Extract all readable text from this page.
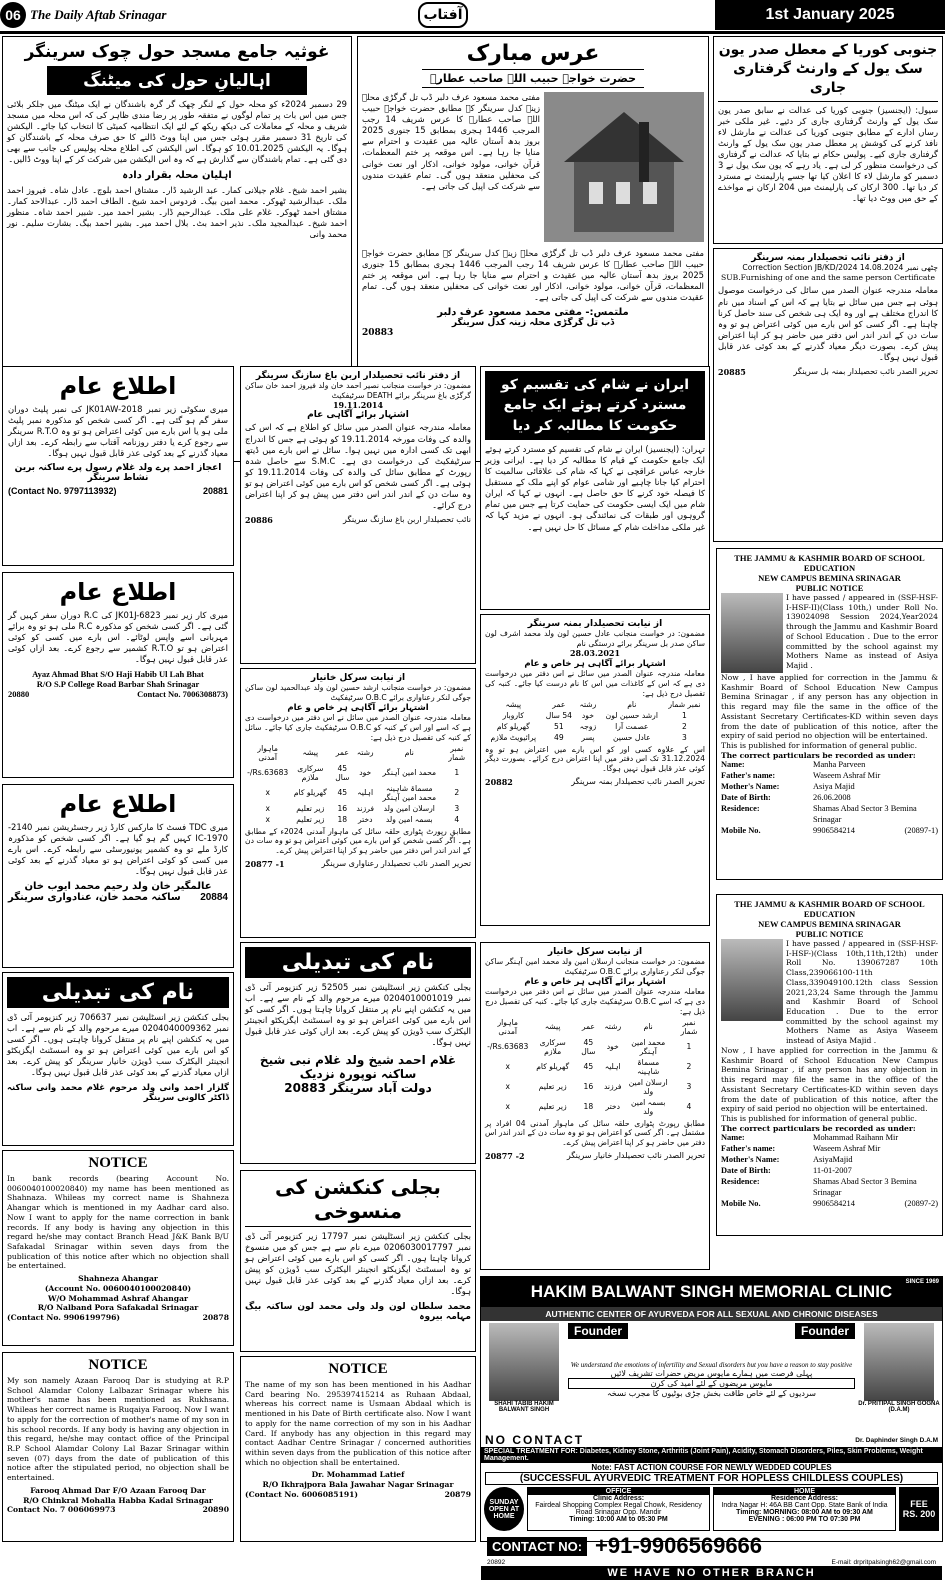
06 The Daily Aftab Srinagar	آفتاب	1st January 2025
غوثیہ جامع مسجد حول چوک سرینگر
اہالیانِ حول کی میٹنگ
29 دسمبر 2024ء کو محلہ حول کے لنگر چھک گر گرہ باشندگان نے ایک میٹنگ میں جلکر بلائی جس میں اس بات پر تمام لوگوں نے متفقہ طور پر رضا مندی ظاہر کی کہ اس محلہ میں مسجد شریف و محلہ کے معاملات کی دیکھ ریکھ کے لئے ایک انتظامیہ کمیٹی کا انتخاب کیا جائے۔ الیکشن کی تاریخ 31 دسمبر مقرر ہوئی جس میں اپنا ووٹ ڈالنے کا حق صرف محلہ کے باشندگان کو ہوگا۔ یہ الیکشن 10.01.2025 کو ہوگا۔ اس الیکشن کی اطلاع محلہ پولیس کی جانب سے بھی دی گئی ہے۔ تمام باشندگان سے گذارش ہے کہ وہ اس الیکشن میں شرکت کر کے اپنا ووٹ ڈالیں۔
اہلیان محلہ بقرار دادہ
بشیر احمد شیخ۔ غلام جیلانی کمار۔ عبد الرشید ڈار۔ مشتاق احمد بلوچ۔ عادل شاہ۔ فیروز احمد ملک۔ عبدالرشید ٹھوکر۔ محمد امین بیگ۔ فردوس احمد شیخ۔ الطاف احمد ڈار۔ عبدالاحد کمار۔ مشتاق احمد ٹھوکر۔ غلام علی ملک۔ عبدالرحیم ڈار۔ بشیر احمد میر۔ شبیر احمد شاہ۔ منظور احمد شیخ۔ عبدالمجید ملک۔ نذیر احمد بٹ۔ بلال احمد میر۔ بشیر احمد بیگ۔ بشارت سلیم۔ نور محمد وانی
عرس مبارک
حضرت خواجہ حبیب اللہ صاحب عطارؒ
مفتی محمد مسعود عرف دلبر ڈب تل گرگڑی محلہ زینہ کدل سرینگر کے مطابق حضرت خواجہ حبیب اللہ صاحب عطارؒ کا عرس شریف 14 رجب المرجب 1446 ہجری بمطابق 15 جنوری 2025 بروز بدھ آستان عالیہ میں عقیدت و احترام سے منایا جا رہا ہے۔ اس موقعہ پر ختم المعظمات، قرآن خوانی، مولود خوانی، اذکار اور نعت خوانی کی محفلیں منعقد ہوں گی۔ تمام عقیدت مندوں سے شرکت کی اپیل کی جاتی ہے۔
مفتی محمد مسعود عرف دلبر ڈب تل گرگڑی محلہ زینہ کدل سرینگر کے مطابق حضرت خواجہ حبیب اللہ صاحب عطارؒ کا عرس شریف 14 رجب المرجب 1446 ہجری بمطابق 15 جنوری 2025 بروز بدھ آستان عالیہ میں عقیدت و احترام سے منایا جا رہا ہے۔ اس موقعہ پر ختم المعظمات، قرآن خوانی، مولود خوانی، اذکار اور نعت خوانی کی محفلیں منعقد ہوں گی۔ تمام عقیدت مندوں سے شرکت کی اپیل کی جاتی ہے۔
ملتمس:- مفتی محمد مسعود عرف دلبر
ڈب تل گرگڑی محلہ زینہ کدل سرینگر
20883
جنوبی کوریا کے معطل صدر یون سک یول کے وارنٹ گرفتاری جاری
سیول: (ایجنسیز) جنوبی کوریا کی عدالت نے سابق صدر یون سک یول کے وارنٹ گرفتاری جاری کر دئیے۔ غیر ملکی خبر رساں ادارے کے مطابق جنوبی کوریا کی عدالت نے مارشل لاء نافذ کرنے کی کوشش پر معطل صدر یون سک یول کے وارنٹ گرفتاری جاری کیے۔ پولیس حکام نے بتایا کہ عدالت نے گرفتاری کی درخواست منظور کر لی ہے۔ یاد رہے کہ یون سک یول نے 3 دسمبر کو مارشل لاء کا اعلان کیا تھا جسے پارلیمنٹ نے مسترد کر دیا تھا۔ 300 ارکان کی پارلیمنٹ میں 204 ارکان نے مواخذے کے حق میں ووٹ دیا تھا۔
از دفتر نائب تحصیلدار بمنہ سرینگر
چٹھی نمبر 14.08.2024 Correction Section JB/KD/2024
SUB.Furnishing of one and the same person Certificate
معاملہ مندرجہ عنوان الصدر میں سائل کی درخواست موصول ہوئی ہے جس میں سائل نے بتایا ہے کہ اس کے اسناد میں نام کا اندراج مختلف ہے اور وہ ایک ہی شخص کی سند حاصل کرنا چاہتا ہے۔ اگر کسی کو اس بارے میں کوئی اعتراض ہو تو وہ سات دن کے اندر اندر اس دفتر میں حاضر ہو کر اپنا اعتراض پیش کرے۔ بصورت دیگر معیاد گذرنے کے بعد کوئی عذر قابل قبول نہیں ہوگا۔
20885	تحریر الصدر نائب تحصیلدار بمنہ بل سرینگر
اطلاع عام
میری سکوٹی زیر نمبر JK01AW-2018 کی نمبر پلیٹ دوران سفر گم ہو گئی ہے۔ اگر کسی شخص کو مذکورہ نمبر پلیٹ ملی ہو یا اس بارے میں کوئی اعتراض ہو تو وہ R.T.O سرینگر سے رجوع کرے یا دفتر روزنامہ آفتاب سے رابطہ کرے۔ بعد ازاں معیاد گذرنے کے بعد کوئی عذر قابل قبول نہیں ہوگا۔
اعجاز احمد پرے ولد غلام رسول پرے ساکنہ برین نشاط سرینگر
(Contact No. 9797113932)	20881
اطلاع عام
میری کار زیر نمبر JK01J-6823 کی R.C دوران سفر کہیں گر گئی ہے۔ اگر کسی شخص کو مذکورہ R.C ملی ہو تو وہ برائے مہربانی اسے واپس لوٹائے۔ اس بارے میں کسی کو کوئی اعتراض ہو تو R.T.O کشمیر سے رجوع کرے۔ بعد ازاں کوئی عذر قابل قبول نہیں ہوگا۔
Ayaz Ahmad Bhat S/O Haji Habib Ul Lah Bhat
R/O S.P College Road Barbar Shah Srinagar
20880	Contact No. 7006308873)
اطلاع عام
میری TDC فسٹ کا مارکس کارڈ زیر رجسٹریشن نمبر 2140-IC-1970 کہیں گم ہو گیا ہے۔ اگر کسی شخص کو مذکورہ کارڈ ملے تو وہ کشمیر یونیورسٹی سے رابطہ کرے۔ اس بارے میں کسی کو کوئی اعتراض ہو تو معیاد گذرنے کے بعد کوئی عذر قابل قبول نہیں ہوگا۔
عالمگیر خان ولد رحیم محمد ایوب خان
ساکنہ محمد خان، عنادواری سرینگر 20884
از دفتر نائب تحصیلدار اربن باغ سازنگ سرینگر
مضمون: در خواست منجانب نصیر احمد خان ولد فیروز احمد خان ساکن گرگڑی باغ سرینگر برائے DEATH سرٹیفکیٹ
19.11.2014
اشتہار برائے آگاہی عام
معاملہ مندرجہ عنوان الصدر میں سائل کو اطلاع ہے کہ اس کی والدہ کی وفات مورخہ 19.11.2014 کو ہوئی ہے جس کا اندراج ابھی تک کسی ادارہ میں نہیں ہوا۔ سائل نے اس بارے میں ڈیتھ سرٹیفکیٹ کی درخواست دی ہے۔ S.M.C سے حاصل شدہ رپورٹ کے مطابق سائل کی والدہ کی وفات 19.11.2014 کو ہوئی ہے۔ اگر کسی شخص کو اس بارے میں کوئی اعتراض ہو تو وہ سات دن کے اندر اندر اس دفتر میں پیش ہو کر اپنا اعتراض درج کرائے۔
20886	نائب تحصیلدار اربن باغ سازنگ سرینگر
ایران نے شام کی تقسیم کو مسترد کرتے ہوئے ایک جامع حکومت کا مطالبہ کر دیا
تہران: (ایجنسیز) ایران نے شام کی تقسیم کو مسترد کرتے ہوئے ایک جامع حکومت کے قیام کا مطالبہ کر دیا ہے۔ ایرانی وزیر خارجہ عباس عراقچی نے کہا کہ شام کی علاقائی سالمیت کا احترام کیا جانا چاہیے اور شامی عوام کو اپنے ملک کے مستقبل کا فیصلہ خود کرنے کا حق حاصل ہے۔ انہوں نے کہا کہ ایران شام میں ایک ایسی حکومت کی حمایت کرتا ہے جس میں تمام گروہوں اور طبقات کی نمائندگی ہو۔ انہوں نے مزید کہا کہ غیر ملکی مداخلت شام کے مسائل کا حل نہیں ہے۔
از نیابت سرکل خانیار
مضمون: در خواست منجانب ارشد حسین لون ولد عبدالحمید لون ساکن جوگی لنکر رعناواری برائے O.B.C سرٹیفکیٹ
اشتہار برائے آگاہی ہر خاص و عام
معاملہ مندرجہ عنوان الصدر میں سائل نے اس دفتر میں درخواست دی ہے کہ اسے اور اس کے کنبہ کو O.B.C سرٹیفکیٹ جاری کیا جائے۔ سائل کے کنبہ کی تفصیل درج ذیل ہے:
نمبر شمار	نام	رشتہ	عمر	پیشہ	ماہوار آمدنی
1	محمد امین آہنگر	خود	45 سال	سرکاری ملازم	Rs.63683/-
2	مسماۃ شاہینہ محمد امین آہنگر	اہلیہ	45	گھریلو کام	x
3	ارسلان امین ولد	فرزند	16	زیر تعلیم	x
4	بسمہ امین ولد	دختر	18	زیر تعلیم	x
مطابق رپورٹ پٹواری حلقہ سائل کی ماہوار آمدنی 2024ء کے مطابق ہے۔ اگر کسی شخص کو اس بارے میں کوئی اعتراض ہو تو وہ سات دن کے اندر اندر اس دفتر میں حاضر ہو کر اپنا اعتراض پیش کرے۔
20877 -1	تحریر الصدر نائب تحصیلدار رعناواری سرینگر
از نیابت تحصیلدار بمنہ سرینگر
مضمون: در خواست منجانب عادل حسین لون ولد محمد اشرف لون ساکن صدر بل سرینگر برائے درستگی نام
28.03.2021
اشتہار برائے آگاہی ہر خاص و عام
معاملہ مندرجہ عنوان الصدر میں سائل نے اس دفتر میں درخواست دی ہے کہ اس کے کاغذات میں اس کا نام درست کیا جائے۔ کنبہ کی تفصیل درج ذیل ہے:
نمبر شمار	نام	رشتہ	عمر	پیشہ
1	ارشد حسین لون	خود	54 سال	کاروبار
2	عصمت آرا	زوجہ	51	گھریلو کام
3	عادل حسین	پسر	49	پرائیویٹ ملازم
اس کے علاوہ کسی اور کو اس بارے میں اعتراض ہو تو وہ 31.12.2024 تک اس دفتر میں اپنا اعتراض درج کرائے۔ بصورت دیگر کوئی عذر قابل قبول نہیں ہوگا۔
20882	تحریر الصدر نائب تحصیلدار بمنہ سرینگر
THE JAMMU & KASHMIR BOARD OF SCHOOL EDUCATION
NEW CAMPUS BEMINA SRINAGAR
PUBLIC NOTICE
I have passed / appeared in (SSF-HSF-I-HSF-II)(Class 10th,) under Roll No. 139024098 Session 2024,Year2024 through the Jammu and Kashmir Board of School Education . Due to the error committed by the school against my Mothers Name as instead of Asiya Majid .
Now , I have applied for correction in the Jammu & Kashmir Board of School Education New Campus Bemina Srinagar , if any person has any objection in this regard may file the same in the office of the Assistant Secretary Certificates-KD within seven days from the date of publication of this notice, after the expiry of said period no objection will be entertained.
This is published for information of general public.
The correct particulars be recorded as under:
Name:	Manha Parveen
Father's name:	Waseem Ashraf Mir
Mother's Name:	Asiya Majid
Date of Birth:	26.06.2008
Residence:	Shamas Abad Sector 3 Bemina Srinagar
Mobile No.	9906584214	(20897-1)
THE JAMMU & KASHMIR BOARD OF SCHOOL EDUCATION
NEW CAMPUS BEMINA SRINAGAR
PUBLIC NOTICE
I have passed / appeared in (SSF-HSF-I-HSF-)(Class 10th,11th,12th) under Roll No. 139067287 10th Class,239066100-11th Class,339049100.12th class Session 2021,23,24 Same through the Jammu and Kashmir Board of School Education . Due to the error committed by the school against my Mothers Name as Asiya Waseem instead of Asiya Majid .
Now , I have applied for correction in the Jammu & Kashmir Board of School Education New Campus Bemina Srinagar , if any person has any objection in this regard may file the same in the office of the Assistant Secretary Certificates-KD within seven days from the date of publication of this notice, after the expiry of said period no objection will be entertained.
This is published for information of general public.
The correct particulars be recorded as under:
Name:	Mohammad Raihann Mir
Father's name:	Waseem Ashraf Mir
Mother's Name:	AsiyaMajid
Date of Birth:	11-01-2007
Residence:	Shamas Abad Sector 3 Bemina Srinagar
Mobile No.	9906584214	(20897-2)
نام کی تبدیلی
بجلی کنکشن زیر انسٹلیشن نمبر 706637 زیر کنزیومر آئی ڈی نمبر 0204040009362 میرے مرحوم والد کے نام سے ہے۔ اب میں یہ کنکشن اپنے نام پر منتقل کروانا چاہتی ہوں۔ اگر کسی کو اس بارے میں کوئی اعتراض ہو تو وہ اسسٹنٹ ایگزیکٹو انجینئر الیکٹرک سب ڈویژن خانیار سرینگر کو پیش کرے۔ بعد ازاں معیاد گذرنے کے بعد کوئی عذر قابل قبول نہیں ہوگا۔
گلزار احمد وانی ولد مرحوم غلام محمد وانی ساکنہ ڈاکٹر کالونی سرینگر
نام کی تبدیلی
بجلی کنکشن زیر انسٹلیشن نمبر 52505 زیر کنزیومر آئی ڈی نمبر 0204010001019 میرے مرحوم والد کے نام سے ہے۔ اب میں یہ کنکشن اپنے نام پر منتقل کروانا چاہتا ہوں۔ اگر کسی کو اس بارے میں کوئی اعتراض ہو تو وہ اسسٹنٹ ایگزیکٹو انجینئر الیکٹرک سب ڈویژن کو پیش کرے۔ بعد ازاں کوئی عذر قابل قبول نہیں ہوگا۔
غلام احمد شیخ ولد غلام نبی شیخ ساکنہ نوپورہ نزدیک
20883 دولت آباد سرینگر
بجلی کنکشن کی منسوخی
بجلی کنکشن زیر انسٹلیشن نمبر 17797 زیر کنزیومر آئی ڈی نمبر 0206030017797 میرے نام سے ہے جس کو میں منسوخ کروانا چاہتا ہوں۔ اگر کسی کو اس بارے میں کوئی اعتراض ہو تو وہ اسسٹنٹ ایگزیکٹو انجینئر الیکٹرک سب ڈویژن کو پیش کرے۔ بعد ازاں معیاد گذرنے کے بعد کوئی عذر قابل قبول نہیں ہوگا۔
محمد سلطان لون ولد ولی محمد لون ساکنہ بیگ مہامہ بیروہ
از نیابت سرکل خانیار
مضمون: در خواست منجانب ارسلان امین ولد محمد امین آہنگر ساکن جوگی لنکر رعناواری برائے O.B.C سرٹیفکیٹ
اشتہار برائے آگاہی ہر خاص و عام
معاملہ مندرجہ عنوان الصدر میں سائل نے اس دفتر میں درخواست دی ہے کہ اسے O.B.C سرٹیفکیٹ جاری کیا جائے۔ کنبہ کی تفصیل درج ذیل ہے:
نمبر شمار	نام	رشتہ	عمر	پیشہ	ماہوار آمدنی
1	محمد امین آہنگر	خود	45 سال	سرکاری ملازم	Rs.63683/-
2	مسماۃ شاہینہ	اہلیہ	45	گھریلو کام	x
3	ارسلان امین ولد	فرزند	16	زیر تعلیم	x
4	بسمہ امین ولد	دختر	18	زیر تعلیم	x
مطابق رپورٹ پٹواری حلقہ سائل کی ماہوار آمدنی 04 افراد پر مشتمل ہے۔ اگر کسی کو اعتراض ہو تو وہ سات دن کے اندر اندر اس دفتر میں حاضر ہو کر اپنا اعتراض پیش کرے۔
20877 -2	تحریر الصدر نائب تحصیلدار خانیار سرینگر
NOTICE
In bank records (bearing Account No. 0060040100020840) my name has been mentioned as Shahnaza. Whileas my correct name is Shahneza Ahangar which is mentioned in my Aadhar card also. Now I want to apply for the name correction in bank records. If any body is having any objection in this regard he/she may contact Branch Head J&K Bank B/U Safakadal Srinagar within seven days from the publication of this notice after which no objection shall be entertained.
Shahneza Ahangar
(Account No. 0060040100020840)
W/O Mohammad Ashraf Ahangar
R/O Nalband Pora Safakadal Srinagar
(Contact No. 9906199796)	20878
NOTICE
My son namely Azaan Farooq Dar is studying at R.P School Alamdar Colony Lalbazar Srinagar where his mother's name has been mentioned as Rukhsana. Whileas her correct name is Ruqaiya Farooq. Now I want to apply for the correction of mother's name of my son in his school records. If any body is having any objection in this regard, he/she may contact office of the Principal R.P School Alamdar Colony Lal Bazar Srinagar within seven (07) days from the date of publication of this notice after the stipulated period, no objection shall be entertained.
Farooq Ahmad Dar F/O Azaan Farooq Dar
R/O Chinkral Mohalla Habba Kadal Srinagar
Contact No. 7 006069973	20890
NOTICE
The name of my son has been mentioned in his Aadhar Card bearing No. 295397415214 as Ruhaan Abdaal, whereas his correct name is Usmaan Abdaal which is mentioned in his Date of Birth certificate also. Now I want to apply for the name correction of my son in his Aadhar Card. If anybody has any objection in this regard may contact Aadhar Centre Srinagar / concerned authorities within seven days from the publication of this notice after which no objection shall be entertained.
Dr. Mohammad Latief
R/O Ikhrajpora Bala Jawahar Nagar Srinagar
(Contact No. 6006085191)	20879
HAKIM BALWANT SINGH MEMORIAL CLINIC	SINCE 1969
AUTHENTIC CENTER OF AYURVEDA FOR ALL SEXUAL AND CHRONIC DISEASES
SHAHI TABIB HAKIM BALWANT SINGH
Founder	Founder
We understand the emotions of infertility and Sexual disorders but you have a reason to stay positive
پہلی فرصت میں ہمارے مایوس مریض حضرات تشریف لائیں
مایوس مریضوں کے لئے امید کی کرن
سردیوں کے لئے خاص طاقت بخش جڑی بوٹیوں کا مجرب نسخہ
Dr. PRITIPAL SINGH GOGNA (D.A.M)
NO CONTACT	Dr. Daphinder Singh D.A.M
SPECIAL TREATMENT FOR: Diabetes, Kidney Stone, Arthritis (Joint Pain), Acidity, Stomach Disorders, Piles, Skin Problems, Weight Management.
Note: FAST ACTION COURSE FOR NEWLY WEDDED COUPLES
(SUCCESSFUL AYURVEDIC TREATMENT FOR HOPLESS CHILDLESS COUPLES)
SUNDAY OPEN AT HOME
OFFICE
Clinic Address:
Fairdeal Shopping Complex Regal Chowk, Residency Road Srinagar Opp. Mandir
Timing: 10:00 AM to 05:30 PM
HOME
Residence Address:
Indra Nagar H: 46A BB Cant Opp. State Bank of India
Timing: MORNING: 08:00 AM to 09:30 AM
EVENING : 06:00 PM TO 07:30 PM
FEE
RS. 200
CONTACT NO: +91-9906569666
20892	E-mail: drpritpalsingh62@gmail.com
WE HAVE NO OTHER BRANCH
